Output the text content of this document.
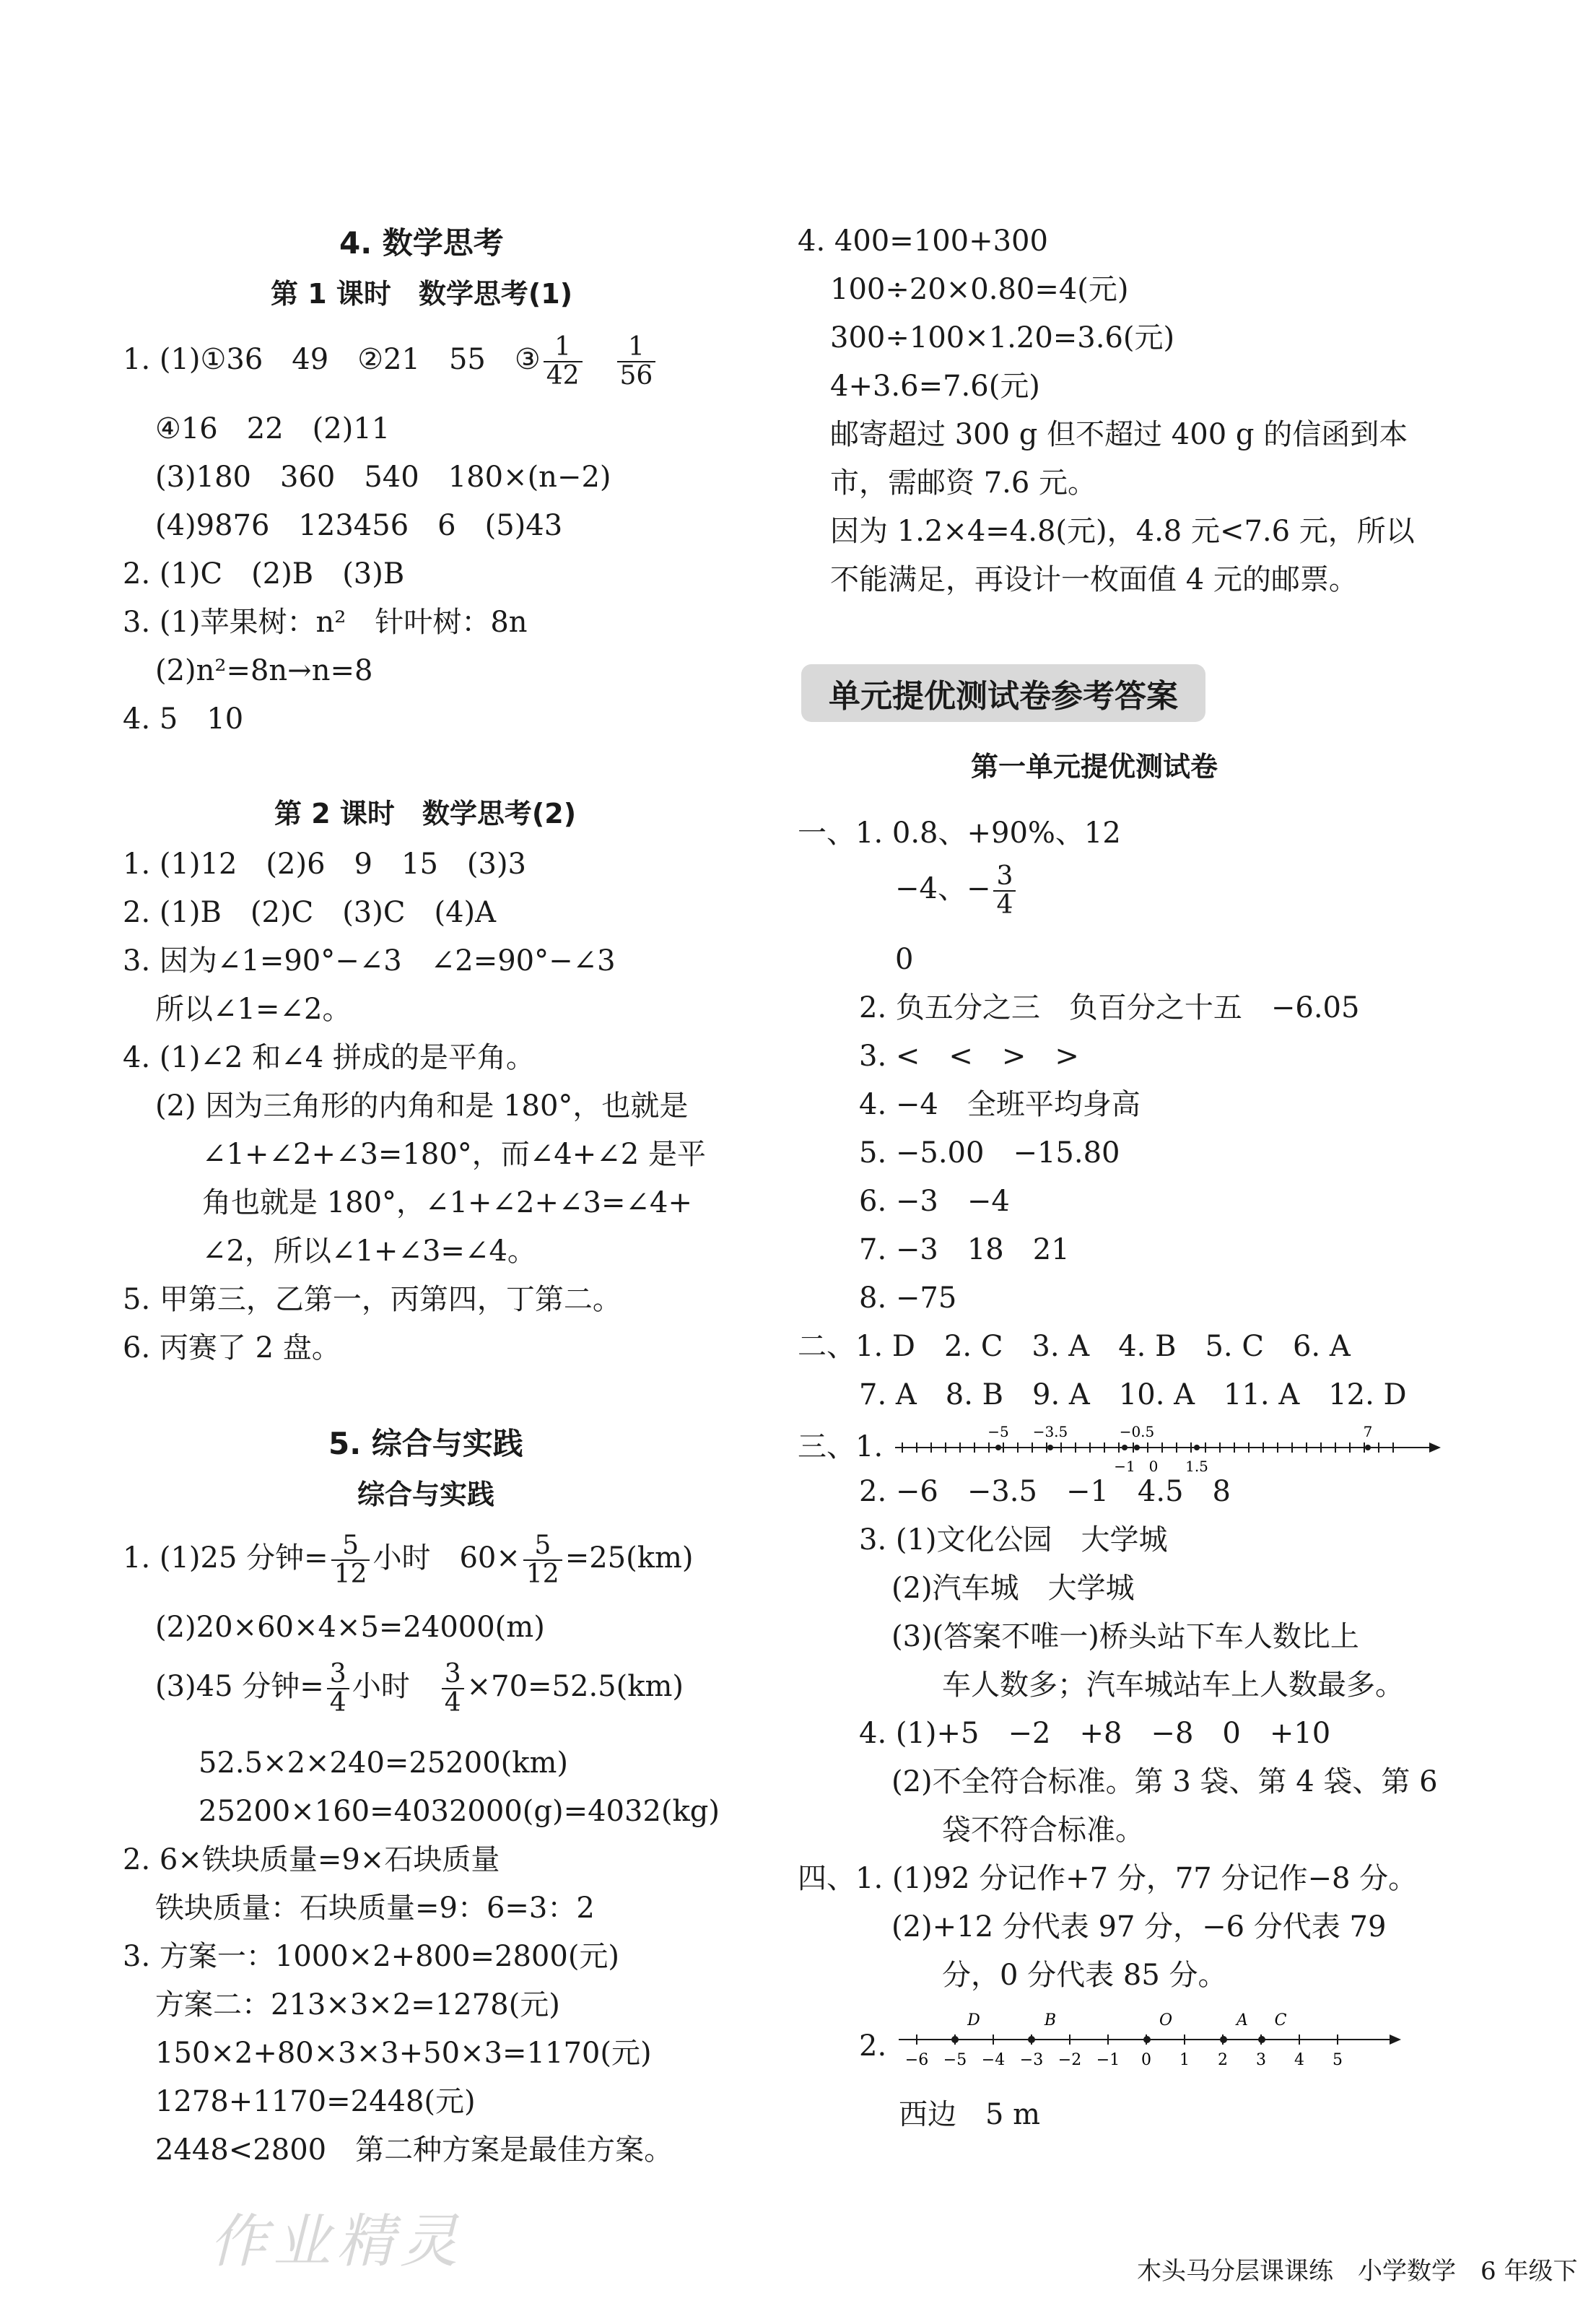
4. 数学思考
第 1 课时　数学思考(1)
1. (1)①36　49　②21　55　③ $\frac{1}{42}$
　 $\frac{1}{56}$
④16　22　(2)11
(3)180　360　540　180×(n−2)
(4)9876　123456　6　(5)43
2. (1)C　(2)B　(3)B
3. (1)苹果树：n²　针叶树：8n
(2)n²=8n→n=8
4. 5　10
第 2 课时　数学思考(2)
1. (1)12　(2)6　9　15　(3)3
2. (1)B　(2)C　(3)C　(4)A
3. 因为∠1=90°−∠3　∠2=90°−∠3
所以∠1=∠2。
4. (1)∠2 和∠4 拼成的是平角。
(2) 因为三角形的内角和是 180°，也就是
∠1+∠2+∠3=180°，而∠4+∠2 是平
角也就是 180°，∠1+∠2+∠3=∠4+
∠2，所以∠1+∠3=∠4。
5. 甲第三，乙第一，丙第四，丁第二。
6. 丙赛了 2 盘。
5. 综合与实践
综合与实践
1. (1)25 分钟= $\frac{5}{12}$ 小时　$60\times \frac{5}{12} =25(km)$
(2)20×60×4×5=24000(m)
(3)45 分钟= $\frac{3}{4}$ 小时　 $\frac{3}{4} \times 70=52.5(km)$
52.5×2×240=25200(km)
25200×160=4032000(g)=4032(kg)
2. 6×铁块质量=9×石块质量
铁块质量：石块质量=9：6=3：2
3. 方案一：1000×2+800=2800(元)
方案二：213×3×2=1278(元)
150×2+80×3×3+50×3=1170(元)
1278+1170=2448(元)
2448<2800　第二种方案是最佳方案。
4. 400=100+300
100÷20×0.80=4(元)
300÷100×1.20=3.6(元)
4+3.6=7.6(元)
邮寄超过 300 g 但不超过 400 g 的信函到本
市，需邮资 7.6 元。
因为 1.2×4=4.8(元)，4.8 元<7.6 元，所以
不能满足，再设计一枚面值 4 元的邮票。
单元提优测试卷参考答案
第一单元提优测试卷
一、1. 0.8、+90%、12
−4、− $\frac{3}{4}$
0
2. 负五分之三　负百分之十五　−6.05
3. <　<　>　>
4. −4　全班平均身高
5. −5.00　−15.80
6. −3　−4
7. −3　18　21
8. −75
二、1. D　2. C　3. A　4. B　5. C　6. A
7. A　8. B　9. A　10. A　11. A　12. D
三、1.	−5 −3.5	−0.5	7
−1 0 1.5
2. −6　−3.5　−1　4.5　8
3. (1)文化公园　大学城
(2)汽车城　大学城
(3)(答案不唯一)桥头站下车人数比上
车人数多；汽车城站车上人数最多。
4. (1)+5　−2　+8　−8　0　+10
(2)不全符合标准。第 3 袋、第 4 袋、第 6
袋不符合标准。
四、1. (1)92 分记作+7 分，77 分记作−8 分。
(2)+12 分代表 97 分，−6 分代表 79
分，0 分代表 85 分。
2. −6 −5 −4 −3 −2 −1 0 1 2 3 4 5
D	B	O	A C
西边　5 m
作业精灵	木头马分层课课练　小学数学　6 年级下
